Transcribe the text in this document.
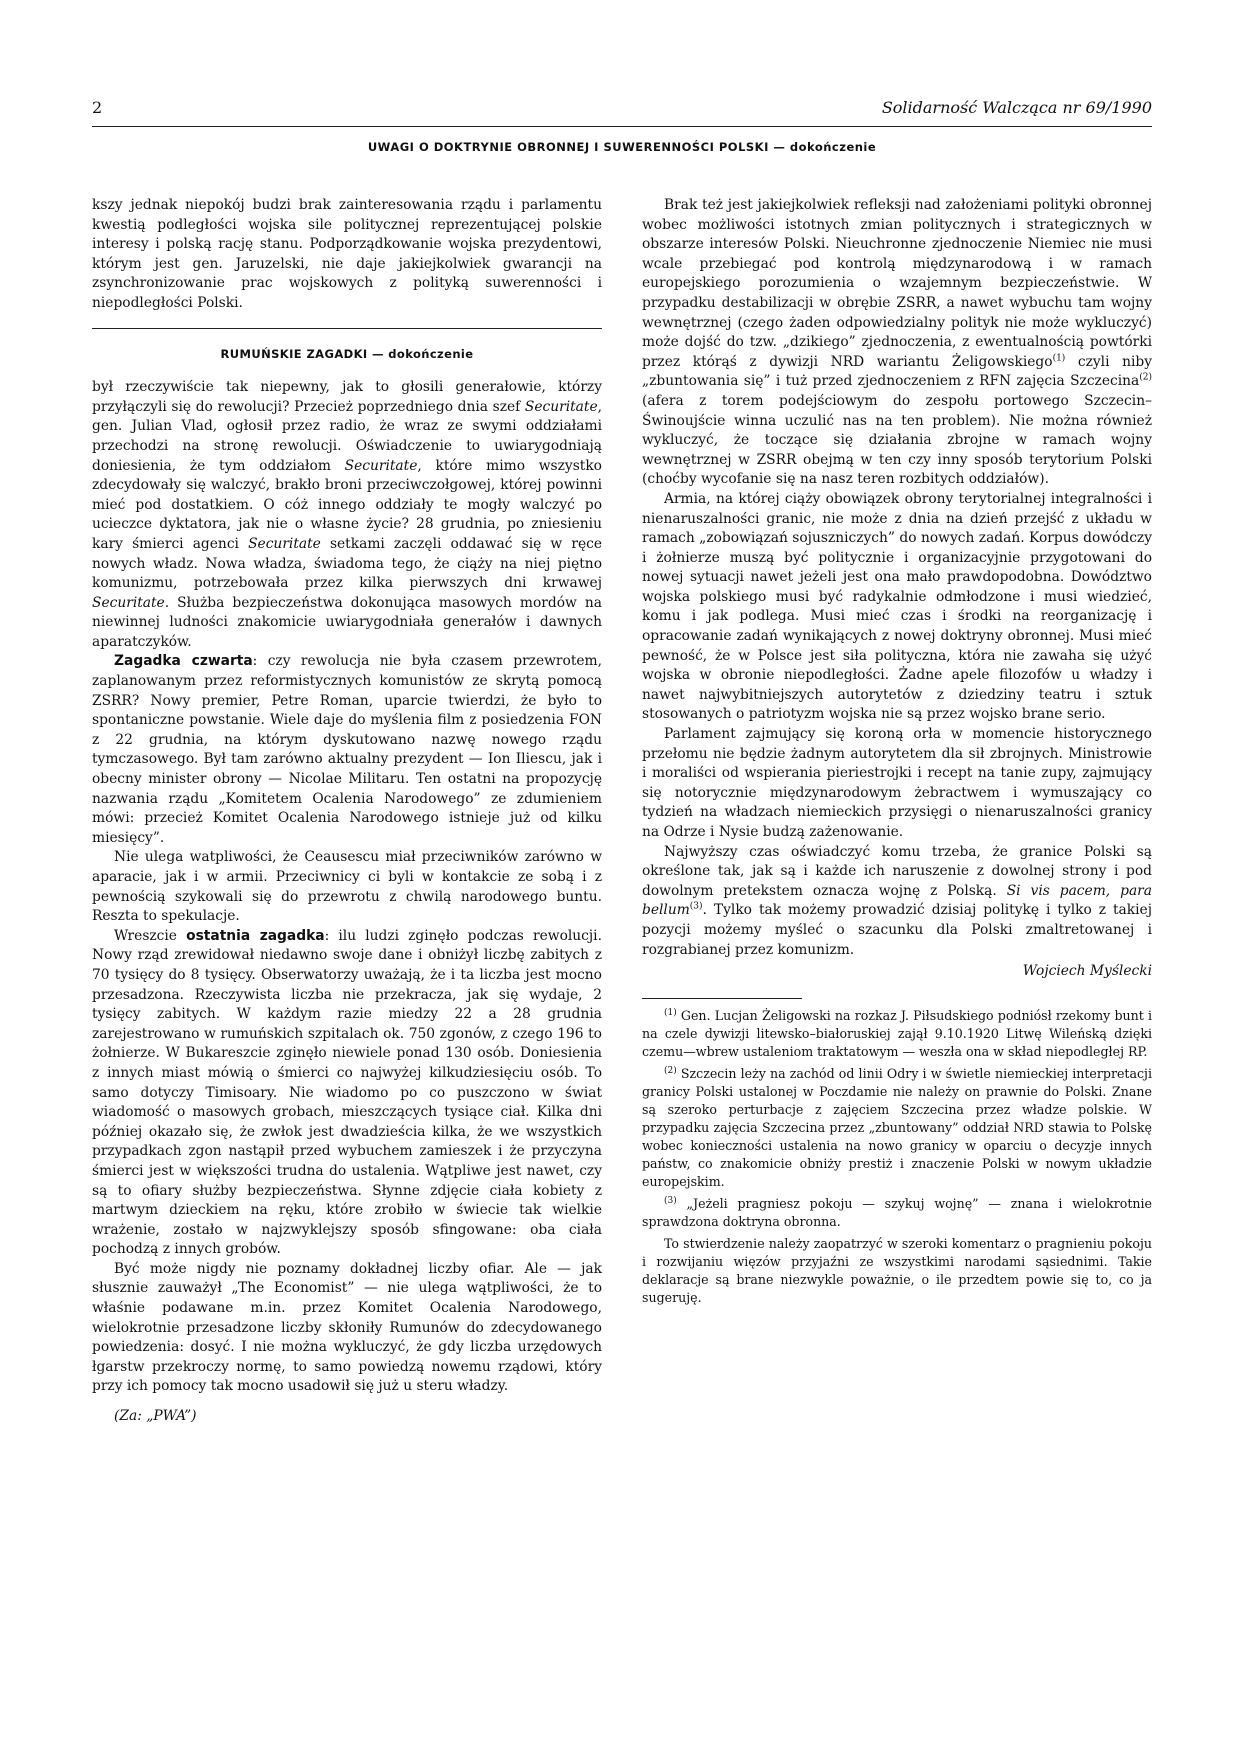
2	Solidarność Walcząca nr 69/1990
UWAGI O DOKTRYNIE OBRONNEJ I SUWERENNOŚCI POLSKI — dokończenie

kszy jednak niepokój budzi brak zainteresowania rządu i parlamentu kwestią podległości wojska sile politycznej reprezentującej polskie interesy i polską rację stanu. Podporządkowanie wojska prezydentowi, którym jest gen. Jaruzelski, nie daje jakiejkolwiek gwarancji na zsynchronizowanie prac wojskowych z polityką suwerenności i niepodległości Polski.

RUMUŃSKIE ZAGADKI — dokończenie

był rzeczywiście tak niepewny, jak to głosili generałowie, którzy przyłączyli się do rewolucji? Przecież poprzedniego dnia szef Securitate, gen. Julian Vlad, ogłosił przez radio, że wraz ze swymi oddziałami przechodzi na stronę rewolucji. Oświadczenie to uwiarygodniają doniesienia, że tym oddziałom Securitate, które mimo wszystko zdecydowały się walczyć, brakło broni przeciwczołgowej, której powinni mieć pod dostatkiem. O cóż innego oddziały te mogły walczyć po ucieczce dyktatora, jak nie o własne życie? 28 grudnia, po zniesieniu kary śmierci agenci Securitate setkami zaczęli oddawać się w ręce nowych władz. Nowa władza, świadoma tego, że ciąży na niej piętno komunizmu, potrzebowała przez kilka pierwszych dni krwawej Securitate. Służba bezpieczeństwa dokonująca masowych mordów na niewinnej ludności znakomicie uwiarygodniała generałów i dawnych aparatczyków.

Zagadka czwarta: czy rewolucja nie była czasem przewrotem, zaplanowanym przez reformistycznych komunistów ze skrytą pomocą ZSRR? Nowy premier, Petre Roman, uparcie twierdzi, że było to spontaniczne powstanie. Wiele daje do myślenia film z posiedzenia FON z 22 grudnia, na którym dyskutowano nazwę nowego rządu tymczasowego. Był tam zarówno aktualny prezydent — Ion Iliescu, jak i obecny minister obrony — Nicolae Militaru. Ten ostatni na propozycję nazwania rządu „Komitetem Ocalenia Narodowego” ze zdumieniem mówi: przecież Komitet Ocalenia Narodowego istnieje już od kilku miesięcy”.

Nie ulega watpliwości, że Ceausescu miał przeciwników zarówno w aparacie, jak i w armii. Przeciwnicy ci byli w kontakcie ze sobą i z pewnością szykowali się do przewrotu z chwilą narodowego buntu. Reszta to spekulacje.

Wreszcie ostatnia zagadka: ilu ludzi zginęło podczas rewolucji. Nowy rząd zrewidował niedawno swoje dane i obniżył liczbę zabitych z 70 tysięcy do 8 tysięcy. Obserwatorzy uważają, że i ta liczba jest mocno przesadzona. Rzeczywista liczba nie przekracza, jak się wydaje, 2 tysięcy zabitych. W każdym razie miedzy 22 a 28 grudnia zarejestrowano w rumuńskich szpitalach ok. 750 zgonów, z czego 196 to żołnierze. W Bukareszcie zginęło niewiele ponad 130 osób. Doniesienia z innych miast mówią o śmierci co najwyżej kilkudziesięciu osób. To samo dotyczy Timisoary. Nie wiadomo po co puszczono w świat wiadomość o masowych grobach, mieszczących tysiące ciał. Kilka dni później okazało się, że zwłok jest dwadzieścia kilka, że we wszystkich przypadkach zgon nastąpił przed wybuchem zamieszek i że przyczyna śmierci jest w większości trudna do ustalenia. Wątpliwe jest nawet, czy są to ofiary służby bezpieczeństwa. Słynne zdjęcie ciała kobiety z martwym dzieckiem na ręku, które zrobiło w świecie tak wielkie wrażenie, zostało w najzwyklejszy sposób sfingowane: oba ciała pochodzą z innych grobów.

Być może nigdy nie poznamy dokładnej liczby ofiar. Ale — jak słusznie zauważył „The Economist” — nie ulega wątpliwości, że to właśnie podawane m.in. przez Komitet Ocalenia Narodowego, wielokrotnie przesadzone liczby skłoniły Rumunów do zdecydowanego powiedzenia: dosyć. I nie można wykluczyć, że gdy liczba urzędowych łgarstw przekroczy normę, to samo powiedzą nowemu rządowi, który przy ich pomocy tak mocno usadowił się już u steru władzy.

(Za: „PWA”)

Brak też jest jakiejkolwiek refleksji nad założeniami polityki obronnej wobec możliwości istotnych zmian politycznych i strategicznych w obszarze interesów Polski. Nieuchronne zjednoczenie Niemiec nie musi wcale przebiegać pod kontrolą międzynarodową i w ramach europejskiego porozumienia o wzajemnym bezpieczeństwie. W przypadku destabilizacji w obrębie ZSRR, a nawet wybuchu tam wojny wewnętrznej (czego żaden odpowiedzialny polityk nie może wykluczyć) może dojść do tzw. „dzikiego” zjednoczenia, z ewentualnością powtórki przez którąś z dywizji NRD wariantu Żeligowskiego$^{(1)}$ czyli niby „zbuntowania się” i tuż przed zjednoczeniem z RFN zajęcia Szczecina$^{(2)}$ (afera z torem podejściowym do zespołu portowego Szczecin–Świnoujście winna uczulić nas na ten problem). Nie można również wykluczyć, że toczące się działania zbrojne w ramach wojny wewnętrznej w ZSRR obejmą w ten czy inny sposób terytorium Polski (choćby wycofanie się na nasz teren rozbitych oddziałów).

Armia, na której ciąży obowiązek obrony terytorialnej integralności i nienaruszalności granic, nie może z dnia na dzień przejść z układu w ramach „zobowiązań sojuszniczych” do nowych zadań. Korpus dowódczy i żołnierze muszą być politycznie i organizacyjnie przygotowani do nowej sytuacji nawet jeżeli jest ona mało prawdopodobna. Dowództwo wojska polskiego musi być radykalnie odmłodzone i musi wiedzieć, komu i jak podlega. Musi mieć czas i środki na reorganizację i opracowanie zadań wynikających z nowej doktryny obronnej. Musi mieć pewność, że w Polsce jest siła polityczna, która nie zawaha się użyć wojska w obronie niepodległości. Żadne apele filozofów u władzy i nawet najwybitniejszych autorytetów z dziedziny teatru i sztuk stosowanych o patriotyzm wojska nie są przez wojsko brane serio.

Parlament zajmujący się koroną orła w momencie historycznego przełomu nie będzie żadnym autorytetem dla sił zbrojnych. Ministrowie i moraliści od wspierania pieriestrojki i recept na tanie zupy, zajmujący się notorycznie międzynarodowym żebractwem i wymuszający co tydzień na władzach niemieckich przysięgi o nienaruszalności granicy na Odrze i Nysie budzą zażenowanie.

Najwyższy czas oświadczyć komu trzeba, że granice Polski są określone tak, jak są i każde ich naruszenie z dowolnej strony i pod dowolnym pretekstem oznacza wojnę z Polską. Si vis pacem, para bellum$^{(3)}$. Tylko tak możemy prowadzić dzisiaj politykę i tylko z takiej pozycji możemy myśleć o szacunku dla Polski zmaltretowanej i rozgrabianej przez komunizm.

Wojciech Myślecki

$^{(1)}$ Gen. Lucjan Żeligowski na rozkaz J. Piłsudskiego podniósł rzekomy bunt i na czele dywizji litewsko–białoruskiej zajął 9.10.1920 Litwę Wileńską dzięki czemu—wbrew ustaleniom traktatowym — weszła ona w skład niepodległej RP.

$^{(2)}$ Szczecin leży na zachód od linii Odry i w świetle niemieckiej interpretacji granicy Polski ustalonej w Poczdamie nie należy on prawnie do Polski. Znane są szeroko perturbacje z zajęciem Szczecina przez władze polskie. W przypadku zajęcia Szczecina przez „zbuntowany” oddział NRD stawia to Polskę wobec konieczności ustalenia na nowo granicy w oparciu o decyzje innych państw, co znakomicie obniży prestiż i znaczenie Polski w nowym układzie europejskim.

$^{(3)}$ „Jeżeli pragniesz pokoju — szykuj wojnę” — znana i wielokrotnie sprawdzona doktryna obronna.

To stwierdzenie należy zaopatrzyć w szeroki komentarz o pragnieniu pokoju i rozwijaniu więzów przyjaźni ze wszystkimi narodami sąsiednimi. Takie deklaracje są brane niezwykle poważnie, o ile przedtem powie się to, co ja sugeruję.
